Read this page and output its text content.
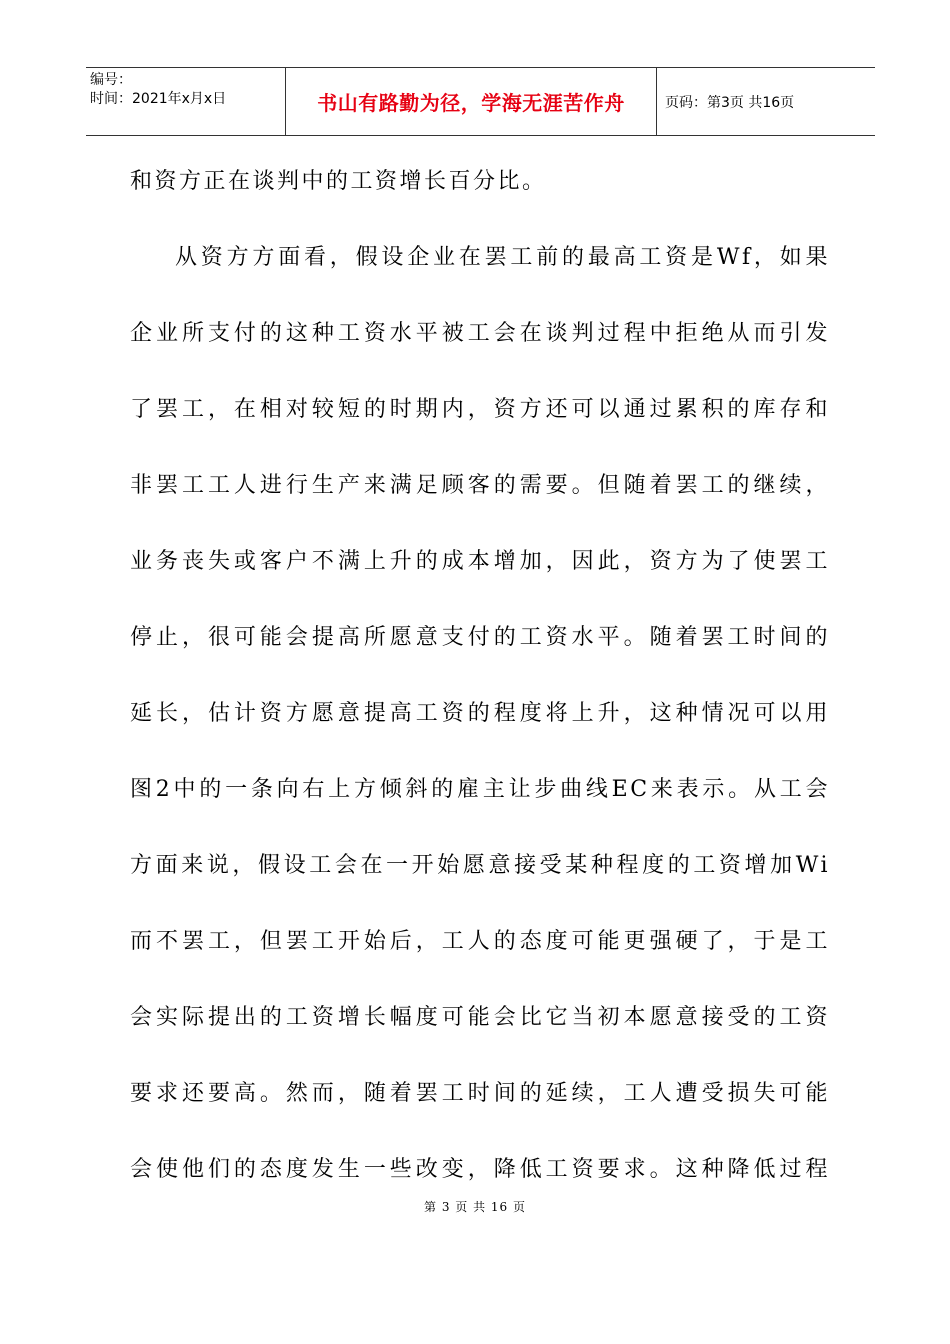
编号：
时间：2021年x月x日	书山有路勤为径，学海无涯苦作舟	页码：第3页 共16页
和资方正在谈判中的工资增长百分比。
从资方方面看，假设企业在罢工前的最高工资是Wf，如果
企业所支付的这种工资水平被工会在谈判过程中拒绝从而引发
了罢工，在相对较短的时期内，资方还可以通过累积的库存和
非罢工工人进行生产来满足顾客的需要。但随着罢工的继续，
业务丧失或客户不满上升的成本增加，因此，资方为了使罢工
停止，很可能会提高所愿意支付的工资水平。随着罢工时间的
延长，估计资方愿意提高工资的程度将上升，这种情况可以用
图2中的一条向右上方倾斜的雇主让步曲线EC来表示。从工会
方面来说，假设工会在一开始愿意接受某种程度的工资增加Wi
而不罢工，但罢工开始后，工人的态度可能更强硬了，于是工
会实际提出的工资增长幅度可能会比它当初本愿意接受的工资
要求还要高。然而，随着罢工时间的延续，工人遭受损失可能
会使他们的态度发生一些改变，降低工资要求。这种降低过程
第 3 页 共 16 页
